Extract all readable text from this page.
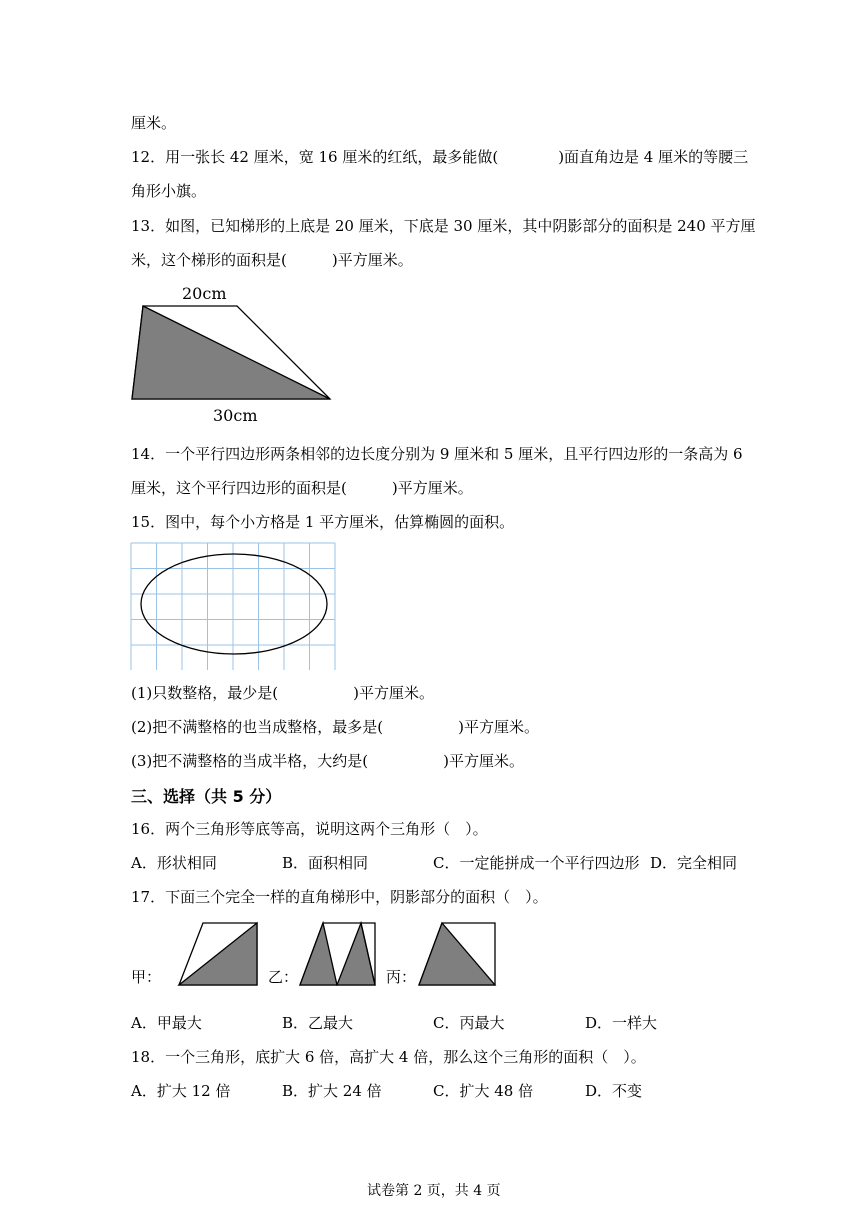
厘米。
12．用一张长 42 厘米，宽 16 厘米的红纸，最多能做(　　　　)面直角边是 4 厘米的等腰三
角形小旗。
13．如图，已知梯形的上底是 20 厘米，下底是 30 厘米，其中阴影部分的面积是 240 平方厘
米，这个梯形的面积是(　　　)平方厘米。
20cm
30cm
14．一个平行四边形两条相邻的边长度分别为 9 厘米和 5 厘米，且平行四边形的一条高为 6
厘米，这个平行四边形的面积是(　　　)平方厘米。
15．图中，每个小方格是 1 平方厘米，估算椭圆的面积。
(1)只数整格，最少是(　　　　　)平方厘米。
(2)把不满整格的也当成整格，最多是(　　　　　)平方厘米。
(3)把不满整格的当成半格，大约是(　　　　　)平方厘米。
三、选择（共 5 分）
16．两个三角形等底等高，说明这两个三角形（　）。
A．形状相同	B．面积相同	C．一定能拼成一个平行四边形 D．完全相同
17．下面三个完全一样的直角梯形中，阴影部分的面积（　）。
甲：	乙：	丙：
A．甲最大	B．乙最大	C．丙最大	D．一样大
18．一个三角形，底扩大 6 倍，高扩大 4 倍，那么这个三角形的面积（　）。
A．扩大 12 倍	B．扩大 24 倍	C．扩大 48 倍	D．不变
试卷第 2 页，共 4 页
